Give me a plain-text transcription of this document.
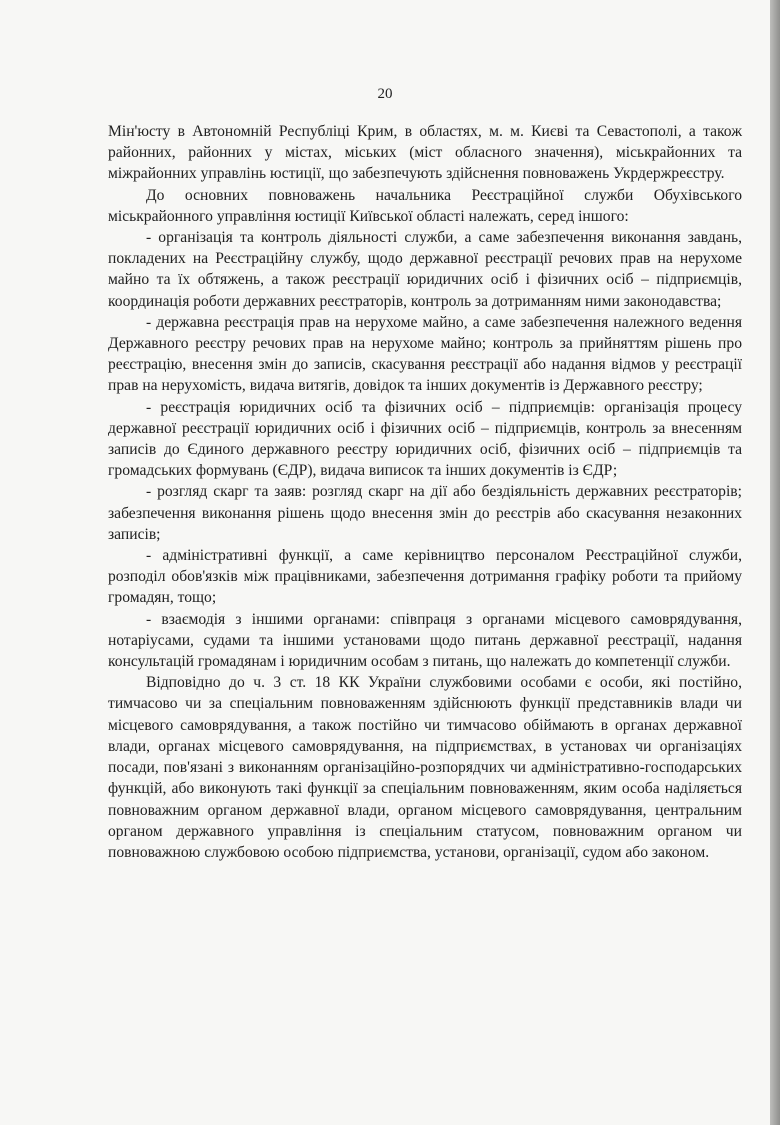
20

Мін'юсту в Автономній Республіці Крим, в областях, м. м. Києві та Севастополі, а також районних, районних у містах, міських (міст обласного значення), міськрайонних та міжрайонних управлінь юстиції, що забезпечують здійснення повноважень Укрдержреєстру.

До основних повноважень начальника Реєстраційної служби Обухівського міськрайонного управління юстиції Київської області належать, серед іншого:

- організація та контроль діяльності служби, а саме забезпечення виконання завдань, покладених на Реєстраційну службу, щодо державної реєстрації речових прав на нерухоме майно та їх обтяжень, а також реєстрації юридичних осіб і фізичних осіб – підприємців, координація роботи державних реєстраторів, контроль за дотриманням ними законодавства;

- державна реєстрація прав на нерухоме майно, а саме забезпечення належного ведення Державного реєстру речових прав на нерухоме майно; контроль за прийняттям рішень про реєстрацію, внесення змін до записів, скасування реєстрації або надання відмов у реєстрації прав на нерухомість, видача витягів, довідок та інших документів із Державного реєстру;

- реєстрація юридичних осіб та фізичних осіб – підприємців: організація процесу державної реєстрації юридичних осіб і фізичних осіб – підприємців, контроль за внесенням записів до Єдиного державного реєстру юридичних осіб, фізичних осіб – підприємців та громадських формувань (ЄДР), видача виписок та інших документів із ЄДР;

- розгляд скарг та заяв: розгляд скарг на дії або бездіяльність державних реєстраторів; забезпечення виконання рішень щодо внесення змін до реєстрів або скасування незаконних записів;

- адміністративні функції, а саме керівництво персоналом Реєстраційної служби, розподіл обов'язків між працівниками, забезпечення дотримання графіку роботи та прийому громадян, тощо;

- взаємодія з іншими органами: співпраця з органами місцевого самоврядування, нотаріусами, судами та іншими установами щодо питань державної реєстрації, надання консультацій громадянам і юридичним особам з питань, що належать до компетенції служби.

Відповідно до ч. 3 ст. 18 КК України службовими особами є особи, які постійно, тимчасово чи за спеціальним повноваженням здійснюють функції представників влади чи місцевого самоврядування, а також постійно чи тимчасово обіймають в органах державної влади, органах місцевого самоврядування, на підприємствах, в установах чи організаціях посади, пов'язані з виконанням організаційно-розпорядчих чи адміністративно-господарських функцій, або виконують такі функції за спеціальним повноваженням, яким особа наділяється повноважним органом державної влади, органом місцевого самоврядування, центральним органом державного управління із спеціальним статусом, повноважним органом чи повноважною службовою особою підприємства, установи, організації, судом або законом.
